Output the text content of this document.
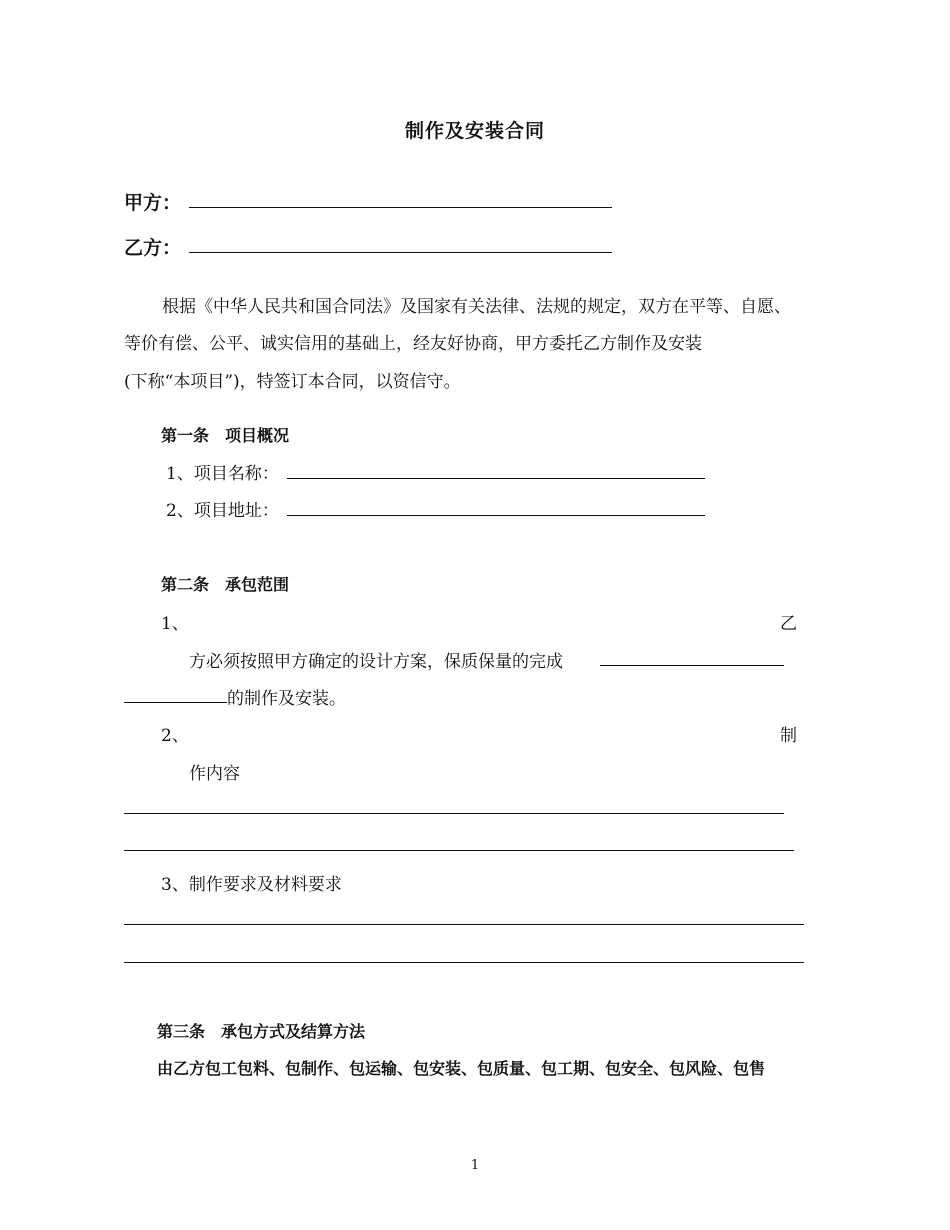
制作及安装合同
甲方：
乙方：
根据《中华人民共和国合同法》及国家有关法律、法规的规定，双方在平等、自愿、
等价有偿、公平、诚实信用的基础上，经友好协商，甲方委托乙方制作及安装
(下称“本项目”)，特签订本合同，以资信守。
第一条　项目概况
1、项目名称：
2、项目地址：
第二条　承包范围
1、	乙
方必须按照甲方确定的设计方案，保质保量的完成
的制作及安装。
2、	制
作内容
3、制作要求及材料要求
第三条　承包方式及结算方法
由乙方包工包料、包制作、包运输、包安装、包质量、包工期、包安全、包风险、包售
1
